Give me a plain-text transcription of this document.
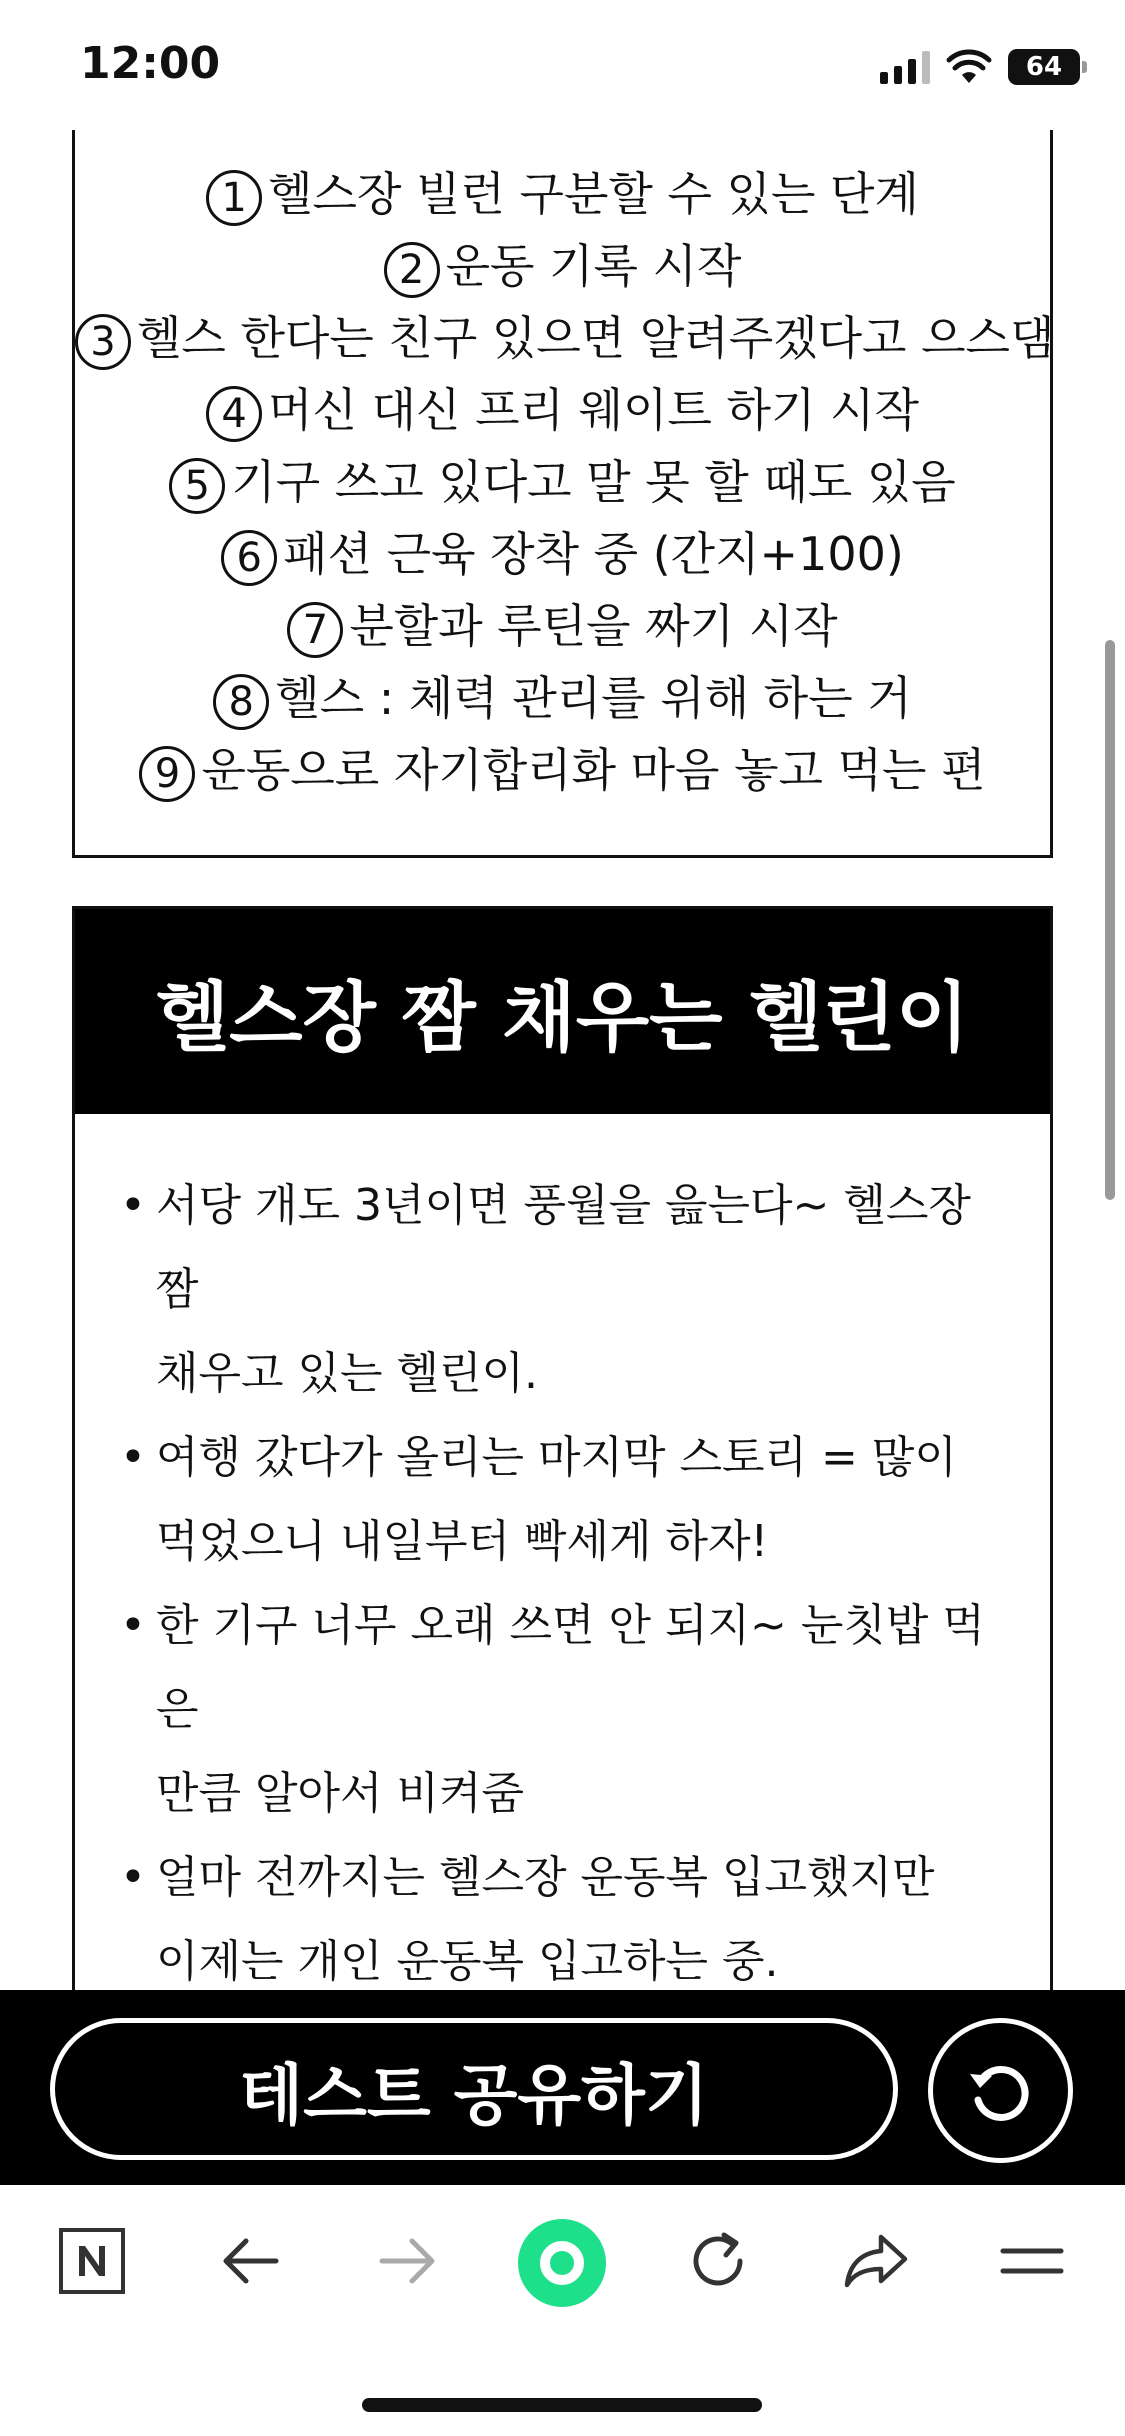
12:00	64
1 헬스장 빌런 구분할 수 있는 단계
2 운동 기록 시작
3 헬스 한다는 친구 있으면 알려주겠다고 으스댐
4 머신 대신 프리 웨이트 하기 시작
5 기구 쓰고 있다고 말 못 할 때도 있음
6 패션 근육 장착 중 (간지+100)
7 분할과 루틴을 짜기 시작
8 헬스 : 체력 관리를 위해 하는 거
9 운동으로 자기합리화 마음 놓고 먹는 편
헬스장 짬 채우는 헬린이
• 서당 개도 3년이면 풍월을 읊는다~ 헬스장 짬
채우고 있는 헬린이.
• 여행 갔다가 올리는 마지막 스토리 = 많이
먹었으니 내일부터 빡세게 하자!
• 한 기구 너무 오래 쓰면 안 되지~ 눈칫밥 먹은
만큼 알아서 비켜줌
• 얼마 전까지는 헬스장 운동복 입고했지만
이제는 개인 운동복 입고하는 중.
테스트 공유하기
